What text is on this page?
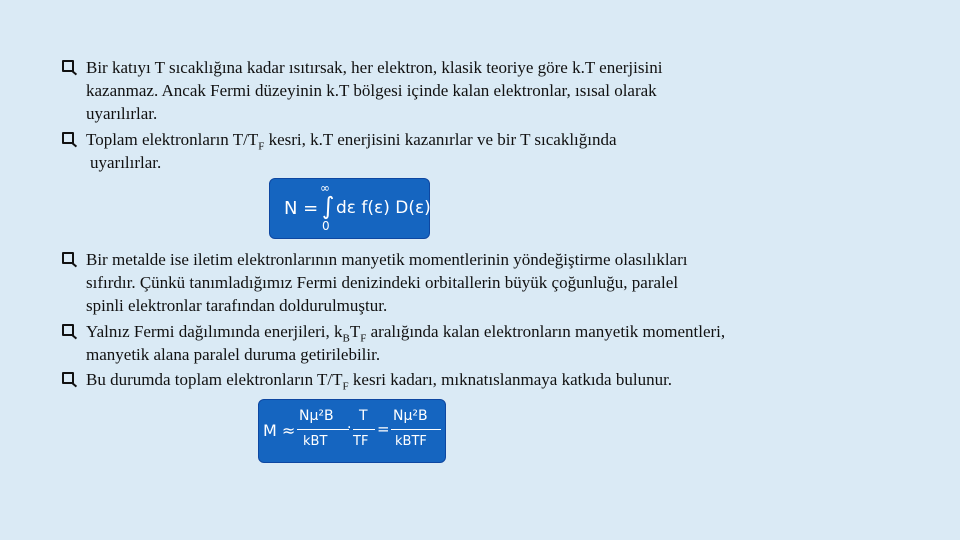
Bir katıyı T sıcaklığına kadar ısıtırsak, her elektron, klasik teoriye göre k.T enerjisini
kazanmaz. Ancak Fermi düzeyinin k.T bölgesi içinde kalan elektronlar, ısısal olarak
uyarılırlar.
Toplam elektronların $T/T_F$ kesri, k.T enerjisini kazanırlar ve bir T sıcaklığında
uyarılırlar.
N = ∫
∞
0
dε f(ε) D(ε)
Bir metalde ise iletim elektronlarının manyetik momentlerinin yöndeğiştirme olasılıkları
sıfırdır. Çünkü tanımladığımız Fermi denizindeki orbitallerin büyük çoğunluğu, paralel
spinli elektronlar tarafından doldurulmuştur.
Yalnız Fermi dağılımında enerjileri, $k_BT_F$ aralığında kalan elektronların manyetik momentleri,
manyetik alana paralel duruma getirilebilir.
Bu durumda toplam elektronların $T/T_F$ kesri kadarı, mıknatıslanmaya katkıda bulunur.
M ≈
Nμ²B
kBT
·
T
TF
=
Nμ²B
kBTF
